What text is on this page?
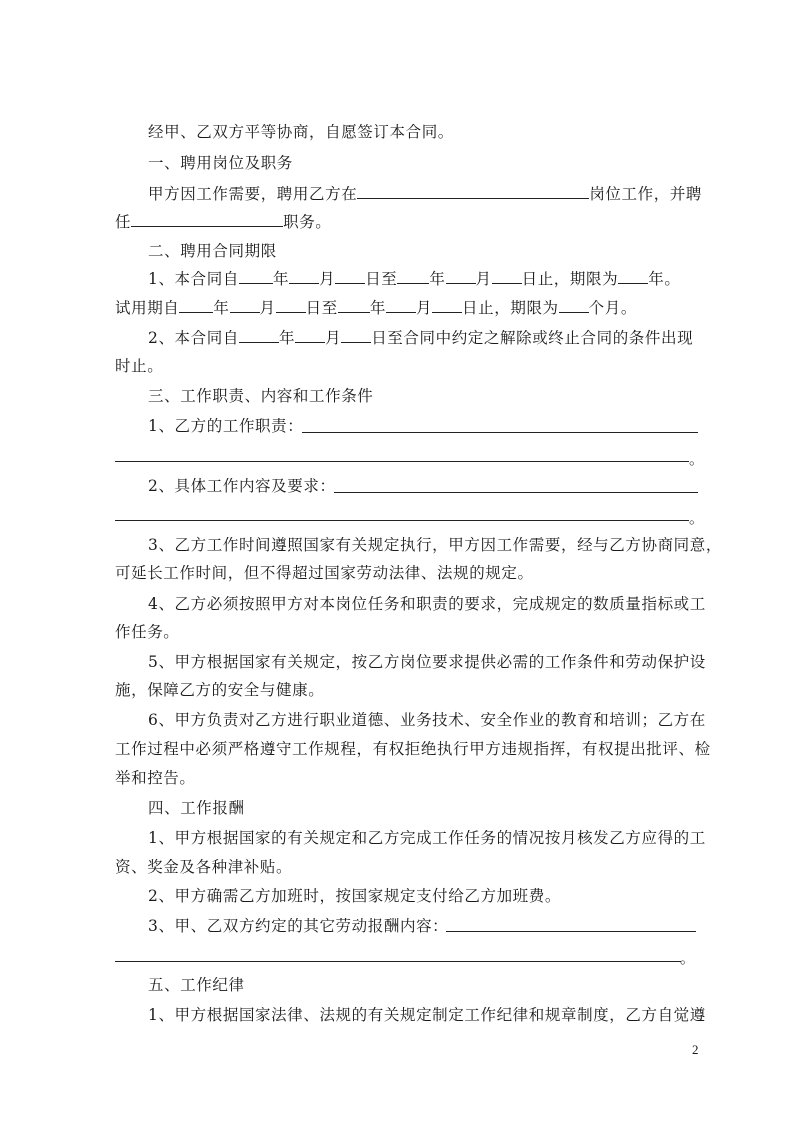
经甲、乙双方平等协商，自愿签订本合同。
一、聘用岗位及职务
甲方因工作需要，聘用乙方在	岗位工作，并聘
任	职务。
二、聘用合同期限
1、本合同自 年 月 日至 年 月 日止，期限为 年。
试用期自 年 月 日至 年 月 日止，期限为 个月。
2、本合同自	年 月 日至合同中约定之解除或终止合同的条件出现
时止。
三、工作职责、内容和工作条件
1、乙方的工作职责：
。
2、具体工作内容及要求：
。
3、乙方工作时间遵照国家有关规定执行，甲方因工作需要，经与乙方协商同意，
可延长工作时间，但不得超过国家劳动法律、法规的规定。
4、乙方必须按照甲方对本岗位任务和职责的要求，完成规定的数质量指标或工
作任务。
5、甲方根据国家有关规定，按乙方岗位要求提供必需的工作条件和劳动保护设
施，保障乙方的安全与健康。
6、甲方负责对乙方进行职业道德、业务技术、安全作业的教育和培训；乙方在
工作过程中必须严格遵守工作规程，有权拒绝执行甲方违规指挥，有权提出批评、检
举和控告。
四、工作报酬
1、甲方根据国家的有关规定和乙方完成工作任务的情况按月核发乙方应得的工
资、奖金及各种津补贴。
2、甲方确需乙方加班时，按国家规定支付给乙方加班费。
3、甲、乙双方约定的其它劳动报酬内容：
。
五、工作纪律
1、甲方根据国家法律、法规的有关规定制定工作纪律和规章制度，乙方自觉遵
2
